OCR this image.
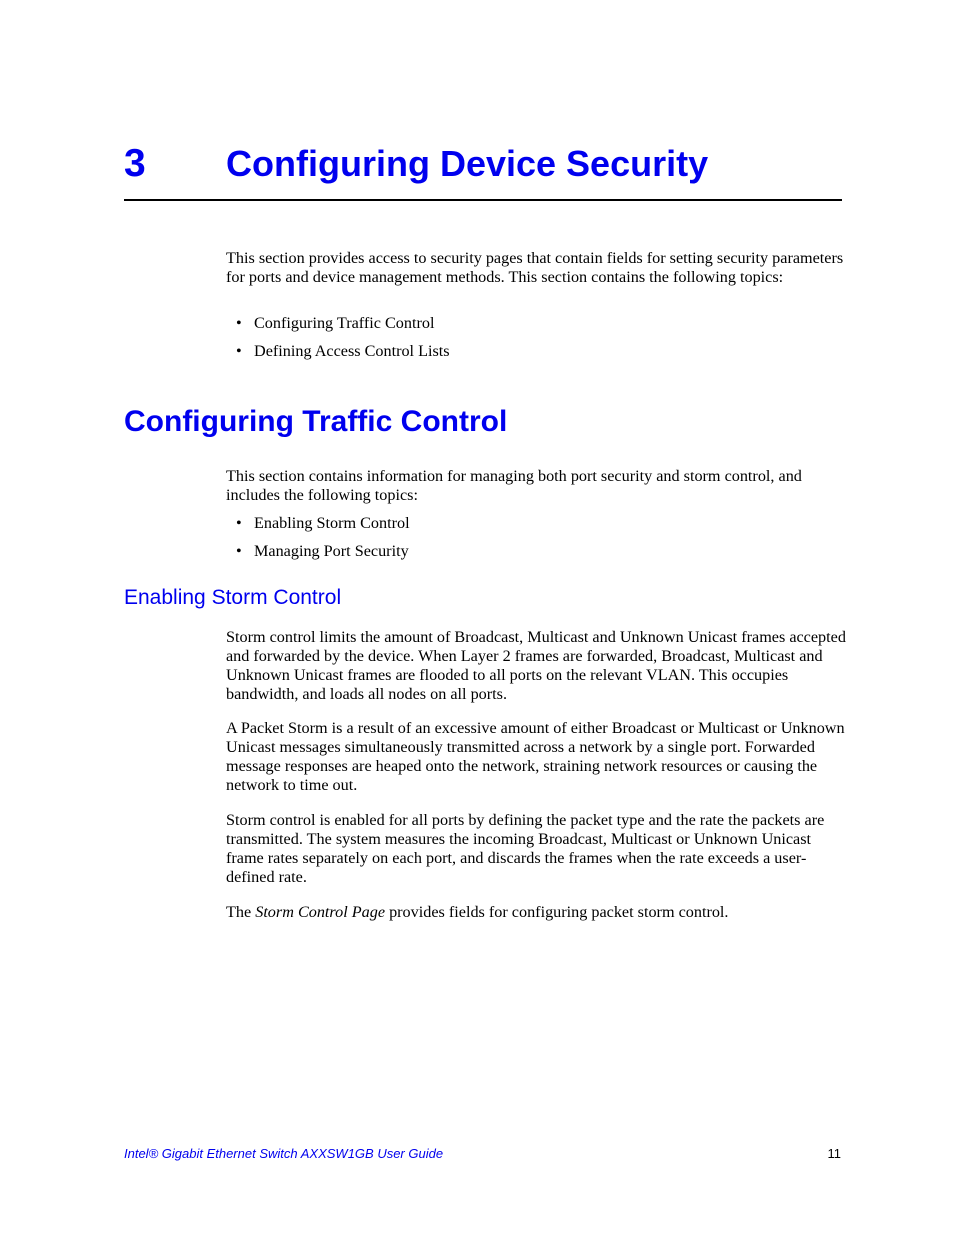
3 Configuring Device Security
This section provides access to security pages that contain fields for setting security parameters for ports and device management methods. This section contains the following topics:
• Configuring Traffic Control
• Defining Access Control Lists
Configuring Traffic Control
This section contains information for managing both port security and storm control, and includes the following topics:
• Enabling Storm Control
• Managing Port Security
Enabling Storm Control
Storm control limits the amount of Broadcast, Multicast and Unknown Unicast frames accepted and forwarded by the device. When Layer 2 frames are forwarded, Broadcast, Multicast and Unknown Unicast frames are flooded to all ports on the relevant VLAN. This occupies bandwidth, and loads all nodes on all ports.
A Packet Storm is a result of an excessive amount of either Broadcast or Multicast or Unknown Unicast messages simultaneously transmitted across a network by a single port. Forwarded message responses are heaped onto the network, straining network resources or causing the network to time out.
Storm control is enabled for all ports by defining the packet type and the rate the packets are transmitted. The system measures the incoming Broadcast, Multicast or Unknown Unicast frame rates separately on each port, and discards the frames when the rate exceeds a user-defined rate.
The Storm Control Page provides fields for configuring packet storm control.
Intel® Gigabit Ethernet Switch AXXSW1GB User Guide	11
